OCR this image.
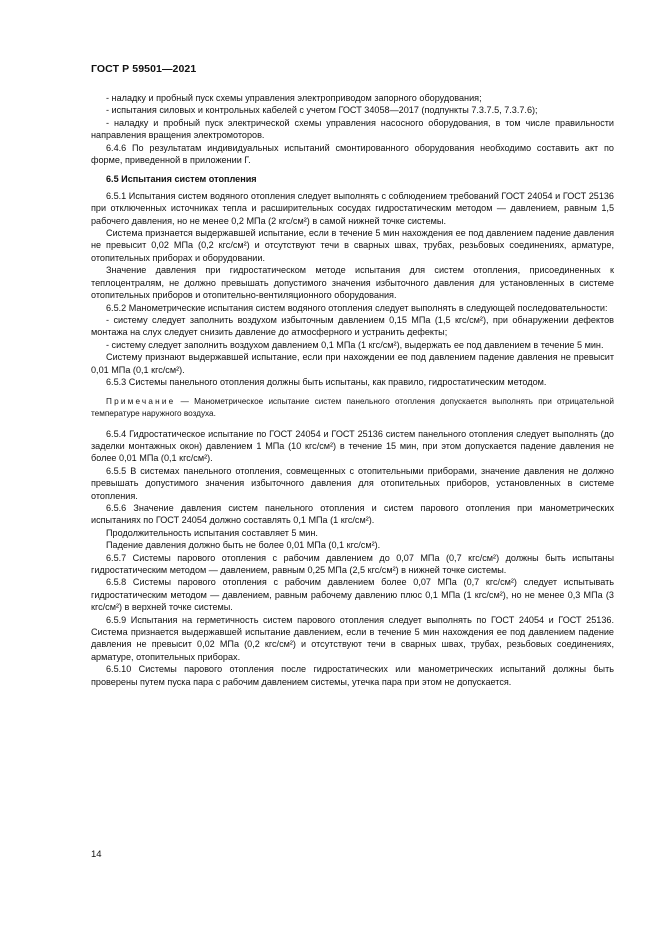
ГОСТ Р 59501—2021

- наладку и пробный пуск схемы управления электроприводом запорного оборудования;

- испытания силовых и контрольных кабелей с учетом ГОСТ 34058—2017 (подпункты 7.3.7.5, 7.3.7.6);

- наладку и пробный пуск электрической схемы управления насосного оборудования, в том числе правильности направления вращения электромоторов.

6.4.6 По результатам индивидуальных испытаний смонтированного оборудования необходимо составить акт по форме, приведенной в приложении Г.

6.5 Испытания систем отопления

6.5.1 Испытания систем водяного отопления следует выполнять с соблюдением требований ГОСТ 24054 и ГОСТ 25136 при отключенных источниках тепла и расширительных сосудах гидростатическим методом — давлением, равным 1,5 рабочего давления, но не менее 0,2 МПа (2 кгс/см²) в самой нижней точке системы.

Система признается выдержавшей испытание, если в течение 5 мин нахождения ее под давлением падение давления не превысит 0,02 МПа (0,2 кгс/см²) и отсутствуют течи в сварных швах, трубах, резьбовых соединениях, арматуре, отопительных приборах и оборудовании.

Значение давления при гидростатическом методе испытания для систем отопления, присоединенных к теплоцентралям, не должно превышать допустимого значения избыточного давления для установленных в системе отопительных приборов и отопительно-вентиляционного оборудования.

6.5.2 Манометрические испытания систем водяного отопления следует выполнять в следующей последовательности:

- систему следует заполнить воздухом избыточным давлением 0,15 МПа (1,5 кгс/см²), при обнаружении дефектов монтажа на слух следует снизить давление до атмосферного и устранить дефекты;

- систему следует заполнить воздухом давлением 0,1 МПа (1 кгс/см²), выдержать ее под давлением в течение 5 мин.

Систему признают выдержавшей испытание, если при нахождении ее под давлением падение давления не превысит 0,01 МПа (0,1 кгс/см²).

6.5.3 Системы панельного отопления должны быть испытаны, как правило, гидростатическим методом.

Примечание — Манометрическое испытание систем панельного отопления допускается выполнять при отрицательной температуре наружного воздуха.

6.5.4 Гидростатическое испытание по ГОСТ 24054 и ГОСТ 25136 систем панельного отопления следует выполнять (до заделки монтажных окон) давлением 1 МПа (10 кгс/см²) в течение 15 мин, при этом допускается падение давления не более 0,01 МПа (0,1 кгс/см²).

6.5.5 В системах панельного отопления, совмещенных с отопительными приборами, значение давления не должно превышать допустимого значения избыточного давления для отопительных приборов, установленных в системе отопления.

6.5.6 Значение давления систем панельного отопления и систем парового отопления при манометрических испытаниях по ГОСТ 24054 должно составлять 0,1 МПа (1 кгс/см²).

Продолжительность испытания составляет 5 мин.

Падение давления должно быть не более 0,01 МПа (0,1 кгс/см²).

6.5.7 Системы парового отопления с рабочим давлением до 0,07 МПа (0,7 кгс/см²) должны быть испытаны гидростатическим методом — давлением, равным 0,25 МПа (2,5 кгс/см²) в нижней точке системы.

6.5.8 Системы парового отопления с рабочим давлением более 0,07 МПа (0,7 кгс/см²) следует испытывать гидростатическим методом — давлением, равным рабочему давлению плюс 0,1 МПа (1 кгс/см²), но не менее 0,3 МПа (3 кгс/см²) в верхней точке системы.

6.5.9 Испытания на герметичность систем парового отопления следует выполнять по ГОСТ 24054 и ГОСТ 25136. Система признается выдержавшей испытание давлением, если в течение 5 мин нахождения ее под давлением падение давления не превысит 0,02 МПа (0,2 кгс/см²) и отсутствуют течи в сварных швах, трубах, резьбовых соединениях, арматуре, отопительных приборах.

6.5.10 Системы парового отопления после гидростатических или манометрических испытаний должны быть проверены путем пуска пара с рабочим давлением системы, утечка пара при этом не допускается.

14
